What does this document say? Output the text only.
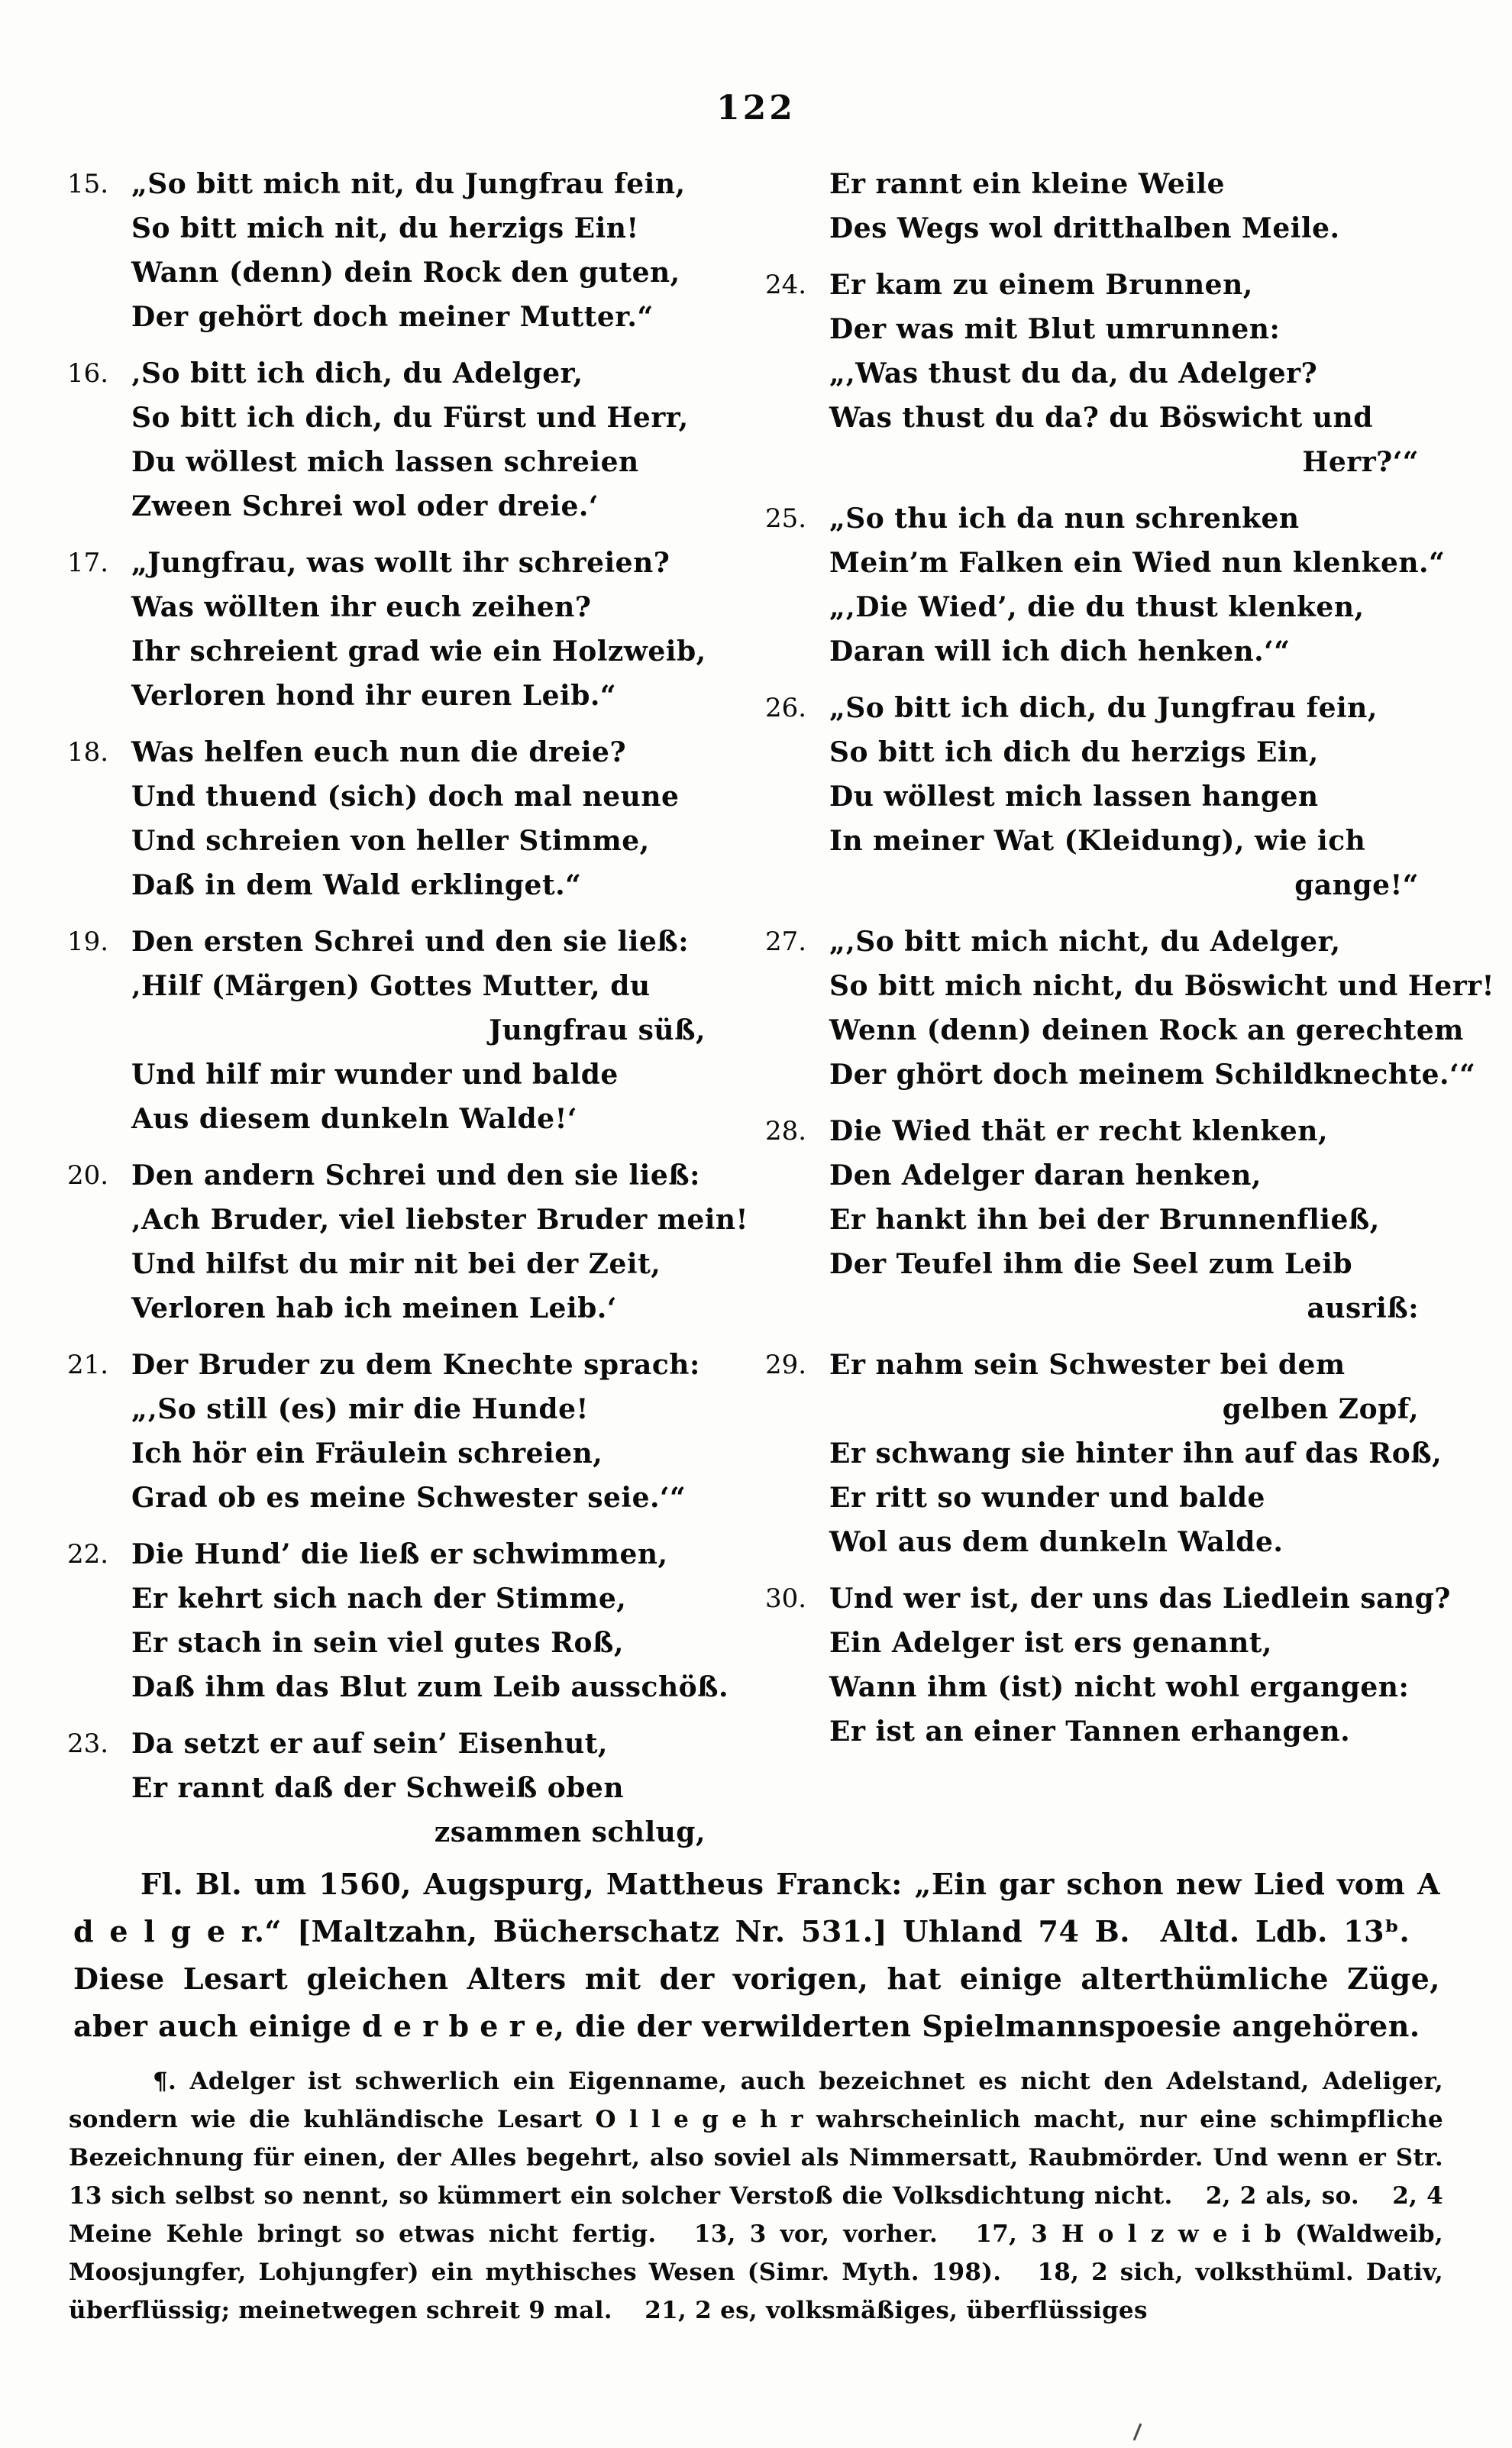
122
15. „So bitt mich nit, du Jungfrau fein,
So bitt mich nit, du herzigs Ein!
Wann (denn) dein Rock den guten,
Der gehört doch meiner Mutter.“
16. ‚So bitt ich dich, du Adelger,
So bitt ich dich, du Fürst und Herr,
Du wöllest mich lassen schreien
Zween Schrei wol oder dreie.‘
17. „Jungfrau, was wollt ihr schreien?
Was wöllten ihr euch zeihen?
Ihr schreient grad wie ein Holzweib,
Verloren hond ihr euren Leib.“
18. Was helfen euch nun die dreie?
Und thuend (sich) doch mal neune
Und schreien von heller Stimme,
Daß in dem Wald erklinget.“
19. Den ersten Schrei und den sie ließ:
‚Hilf (Märgen) Gottes Mutter, du
Jungfrau süß,
Und hilf mir wunder und balde
Aus diesem dunkeln Walde!‘
20. Den andern Schrei und den sie ließ:
‚Ach Bruder, viel liebster Bruder mein!
Und hilfst du mir nit bei der Zeit,
Verloren hab ich meinen Leib.‘
21. Der Bruder zu dem Knechte sprach:
„‚So still (es) mir die Hunde!
Ich hör ein Fräulein schreien,
Grad ob es meine Schwester seie.‘“
22. Die Hund’ die ließ er schwimmen,
Er kehrt sich nach der Stimme,
Er stach in sein viel gutes Roß,
Daß ihm das Blut zum Leib ausschöß.
23. Da setzt er auf sein’ Eisenhut,
Er rannt daß der Schweiß oben
zsammen schlug,
Er rannt ein kleine Weile
Des Wegs wol dritthalben Meile.
24. Er kam zu einem Brunnen,
Der was mit Blut umrunnen:
„‚Was thust du da, du Adelger?
Was thust du da? du Böswicht und
Herr?‘“
25. „So thu ich da nun schrenken
Mein’m Falken ein Wied nun klenken.“
„‚Die Wied’, die du thust klenken,
Daran will ich dich henken.‘“
26. „So bitt ich dich, du Jungfrau fein,
So bitt ich dich du herzigs Ein,
Du wöllest mich lassen hangen
In meiner Wat (Kleidung), wie ich
gange!“
27. „‚So bitt mich nicht, du Adelger,
So bitt mich nicht, du Böswicht und Herr!
Wenn (denn) deinen Rock an gerechtem
Der ghört doch meinem Schildknechte.‘“
28. Die Wied thät er recht klenken,
Den Adelger daran henken,
Er hankt ihn bei der Brunnenfließ,
Der Teufel ihm die Seel zum Leib
ausriß:
29. Er nahm sein Schwester bei dem
gelben Zopf,
Er schwang sie hinter ihn auf das Roß,
Er ritt so wunder und balde
Wol aus dem dunkeln Walde.
30. Und wer ist, der uns das Liedlein sang?
Ein Adelger ist ers genannt,
Wann ihm (ist) nicht wohl ergangen:
Er ist an einer Tannen erhangen.

Fl. Bl. um 1560, Augspurg, Mattheus Franck: „Ein gar schon new Lied vom A d e l g e r.“ [Maltzahn, Bücherschatz Nr. 531.] Uhland 74 B.  Altd. Ldb. 13ᵇ.  Diese Lesart gleichen Alters mit der vorigen, hat einige alterthümliche Züge, aber auch einige d e r b e r e, die der verwilderten Spielmannspoesie angehören.

¶. Adelger ist schwerlich ein Eigenname, auch bezeichnet es nicht den Adelstand, Adeliger, sondern wie die kuhländische Lesart O l l e g e h r wahrscheinlich macht, nur eine schimpfliche Bezeichnung für einen, der Alles begehrt, also soviel als Nimmersatt, Raubmörder. Und wenn er Str. 13 sich selbst so nennt, so kümmert ein solcher Verstoß die Volksdichtung nicht.  2, 2 als, so.  2, 4 Meine Kehle bringt so etwas nicht fertig.  13, 3 vor, vorher.  17, 3 H o l z w e i b (Waldweib, Moosjungfer, Lohjungfer) ein mythisches Wesen (Simr. Myth. 198).  18, 2 sich, volksthüml. Dativ, überflüssig; meinetwegen schreit 9 mal.  21, 2 es, volksmäßiges, überflüssiges
